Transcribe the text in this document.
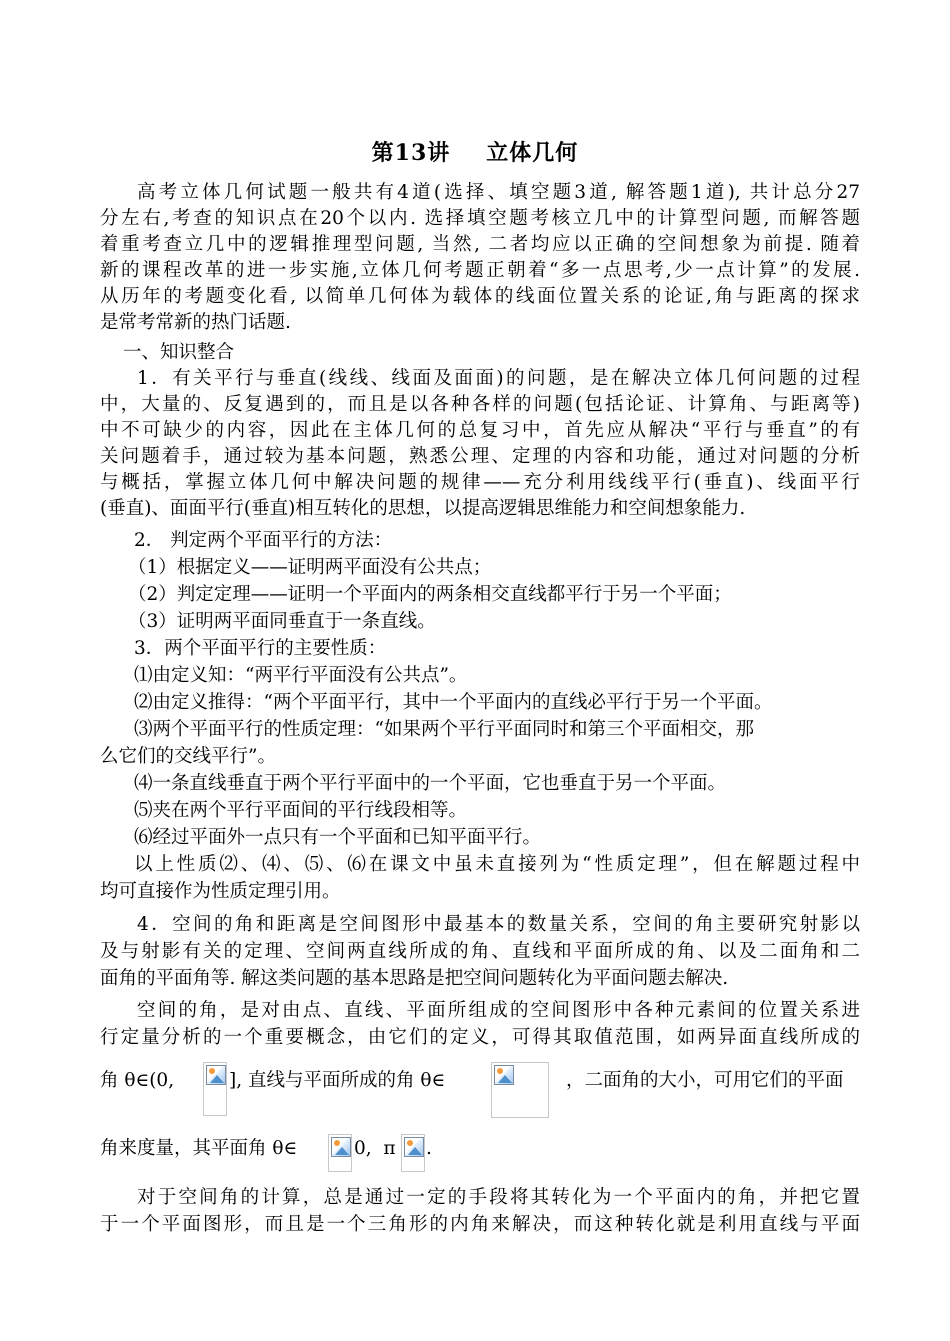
第13讲 立体几何
高考立体几何试题一般共有4道(选择、填空题3道, 解答题1道), 共计总分27
分左右,考查的知识点在20个以内. 选择填空题考核立几中的计算型问题, 而解答题
着重考查立几中的逻辑推理型问题, 当然, 二者均应以正确的空间想象为前提. 随着
新的课程改革的进一步实施,立体几何考题正朝着“多一点思考,少一点计算”的发展.
从历年的考题变化看, 以简单几何体为载体的线面位置关系的论证,角与距离的探求
是常考常新的热门话题.
一、知识整合
1．有关平行与垂直(线线、线面及面面)的问题，是在解决立体几何问题的过程
中，大量的、反复遇到的，而且是以各种各样的问题(包括论证、计算角、与距离等)
中不可缺少的内容，因此在主体几何的总复习中，首先应从解决“平行与垂直”的有
关问题着手，通过较为基本问题，熟悉公理、定理的内容和功能，通过对问题的分析
与概括，掌握立体几何中解决问题的规律——充分利用线线平行(垂直)、线面平行
(垂直)、面面平行(垂直)相互转化的思想，以提高逻辑思维能力和空间想象能力.
2． 判定两个平面平行的方法：
（1）根据定义——证明两平面没有公共点；
（2）判定定理——证明一个平面内的两条相交直线都平行于另一个平面；
（3）证明两平面同垂直于一条直线。
3．两个平面平行的主要性质：
⑴由定义知：“两平行平面没有公共点”。
⑵由定义推得：“两个平面平行，其中一个平面内的直线必平行于另一个平面。
⑶两个平面平行的性质定理：“如果两个平行平面同时和第三个平面相交，那
么它们的交线平行”。
⑷一条直线垂直于两个平行平面中的一个平面，它也垂直于另一个平面。
⑸夹在两个平行平面间的平行线段相等。
⑹经过平面外一点只有一个平面和已知平面平行。
以上性质⑵、⑷、⑸、⑹在课文中虽未直接列为“性质定理”，但在解题过程中
均可直接作为性质定理引用。
4．空间的角和距离是空间图形中最基本的数量关系，空间的角主要研究射影以
及与射影有关的定理、空间两直线所成的角、直线和平面所成的角、以及二面角和二
面角的平面角等. 解这类问题的基本思路是把空间问题转化为平面问题去解决.
空间的角，是对由点、直线、平面所组成的空间图形中各种元素间的位置关系进
行定量分析的一个重要概念，由它们的定义，可得其取值范围，如两异面直线所成的
角 θ∈(0,	], 直线与平面所成的角 θ∈	，二面角的大小，可用它们的平面
角来度量，其平面角 θ∈	0,  π .
对于空间角的计算，总是通过一定的手段将其转化为一个平面内的角，并把它置
于一个平面图形，而且是一个三角形的内角来解决，而这种转化就是利用直线与平面
